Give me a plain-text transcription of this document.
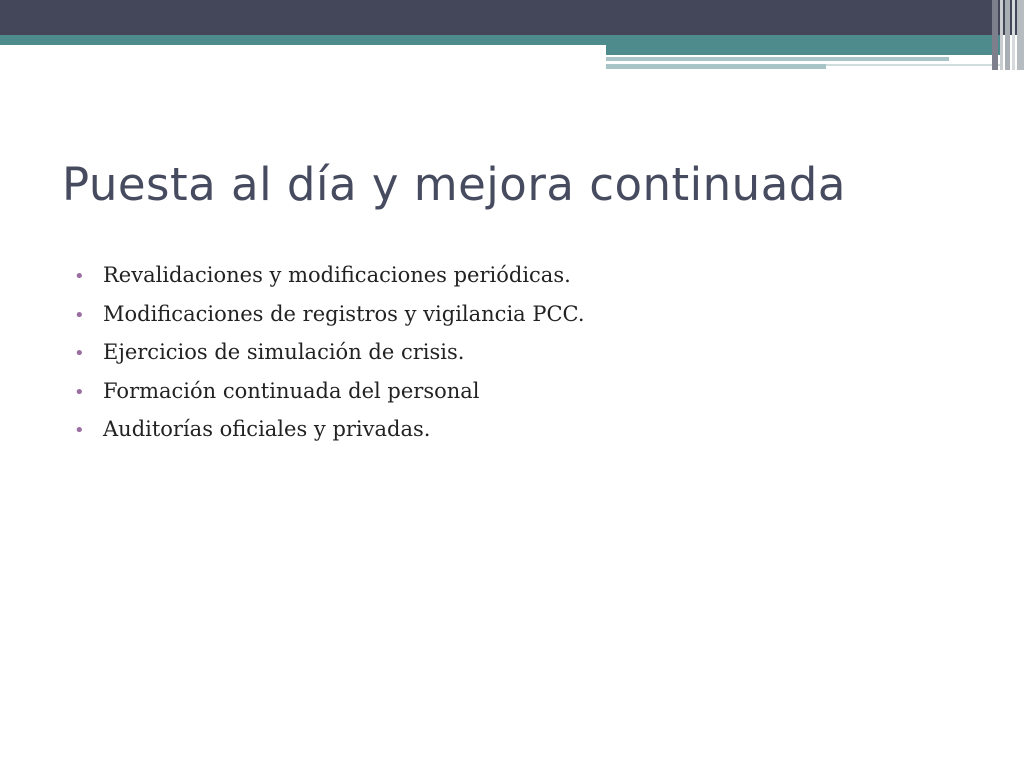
Puesta al día y mejora continuada
• Revalidaciones y modificaciones periódicas.
• Modificaciones de registros y vigilancia PCC.
• Ejercicios de simulación de crisis.
• Formación continuada del personal
• Auditorías oficiales y privadas.
